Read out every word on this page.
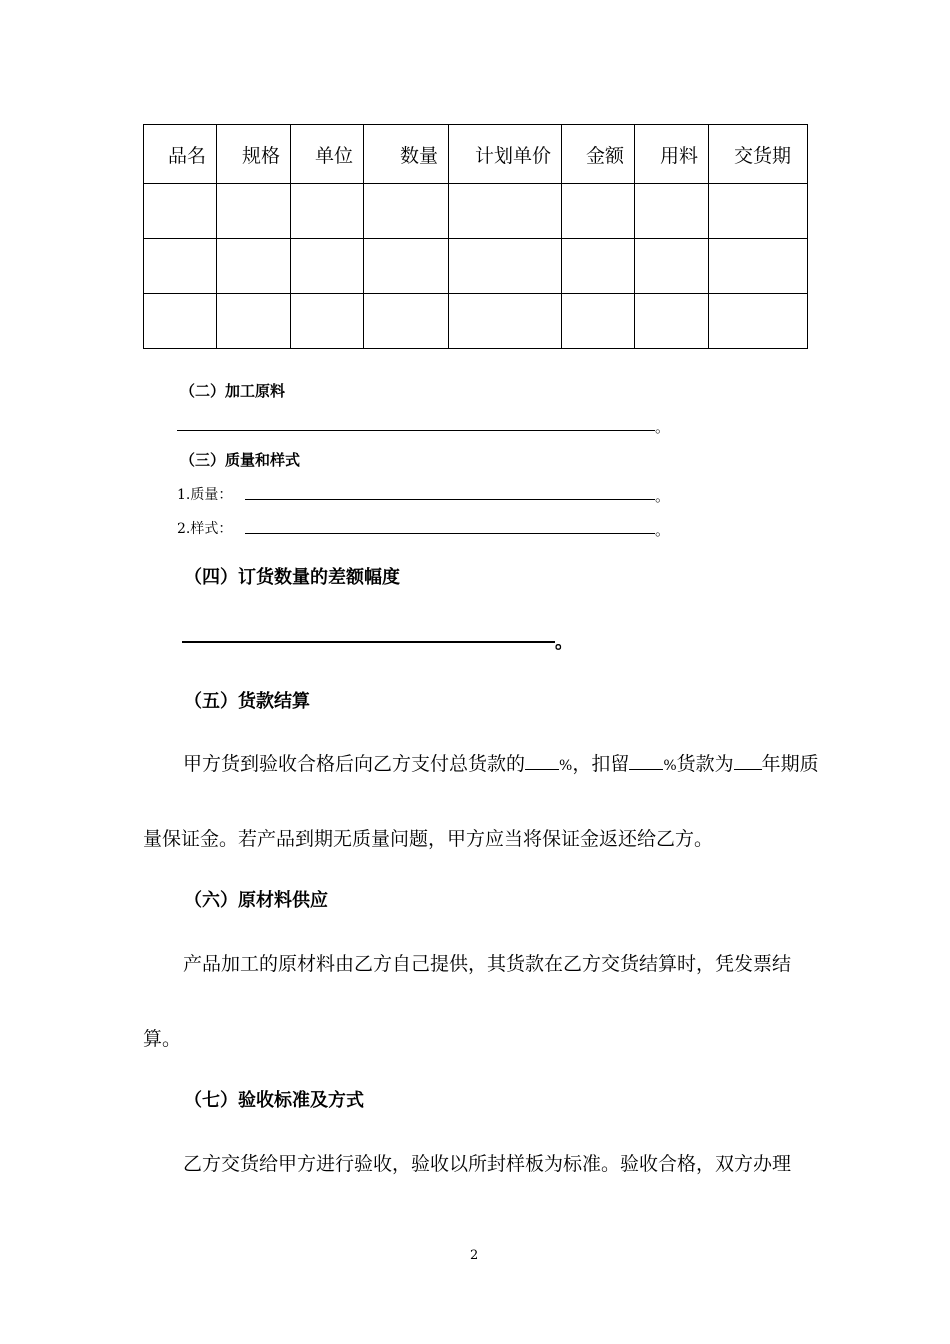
品名	规格	单位	数量	计划单价	金额	用料	交货期

（二）加工原料
。
（三）质量和样式
1.质量：	。
2.样式：	。
（四）订货数量的差额幅度
。
（五）货款结算
甲方货到验收合格后向乙方支付总货款的 %，扣留 %货款为 年期质
量保证金。若产品到期无质量问题，甲方应当将保证金返还给乙方。
（六）原材料供应
产品加工的原材料由乙方自己提供，其货款在乙方交货结算时，凭发票结
算。
（七）验收标准及方式
乙方交货给甲方进行验收，验收以所封样板为标准。验收合格，双方办理
2
